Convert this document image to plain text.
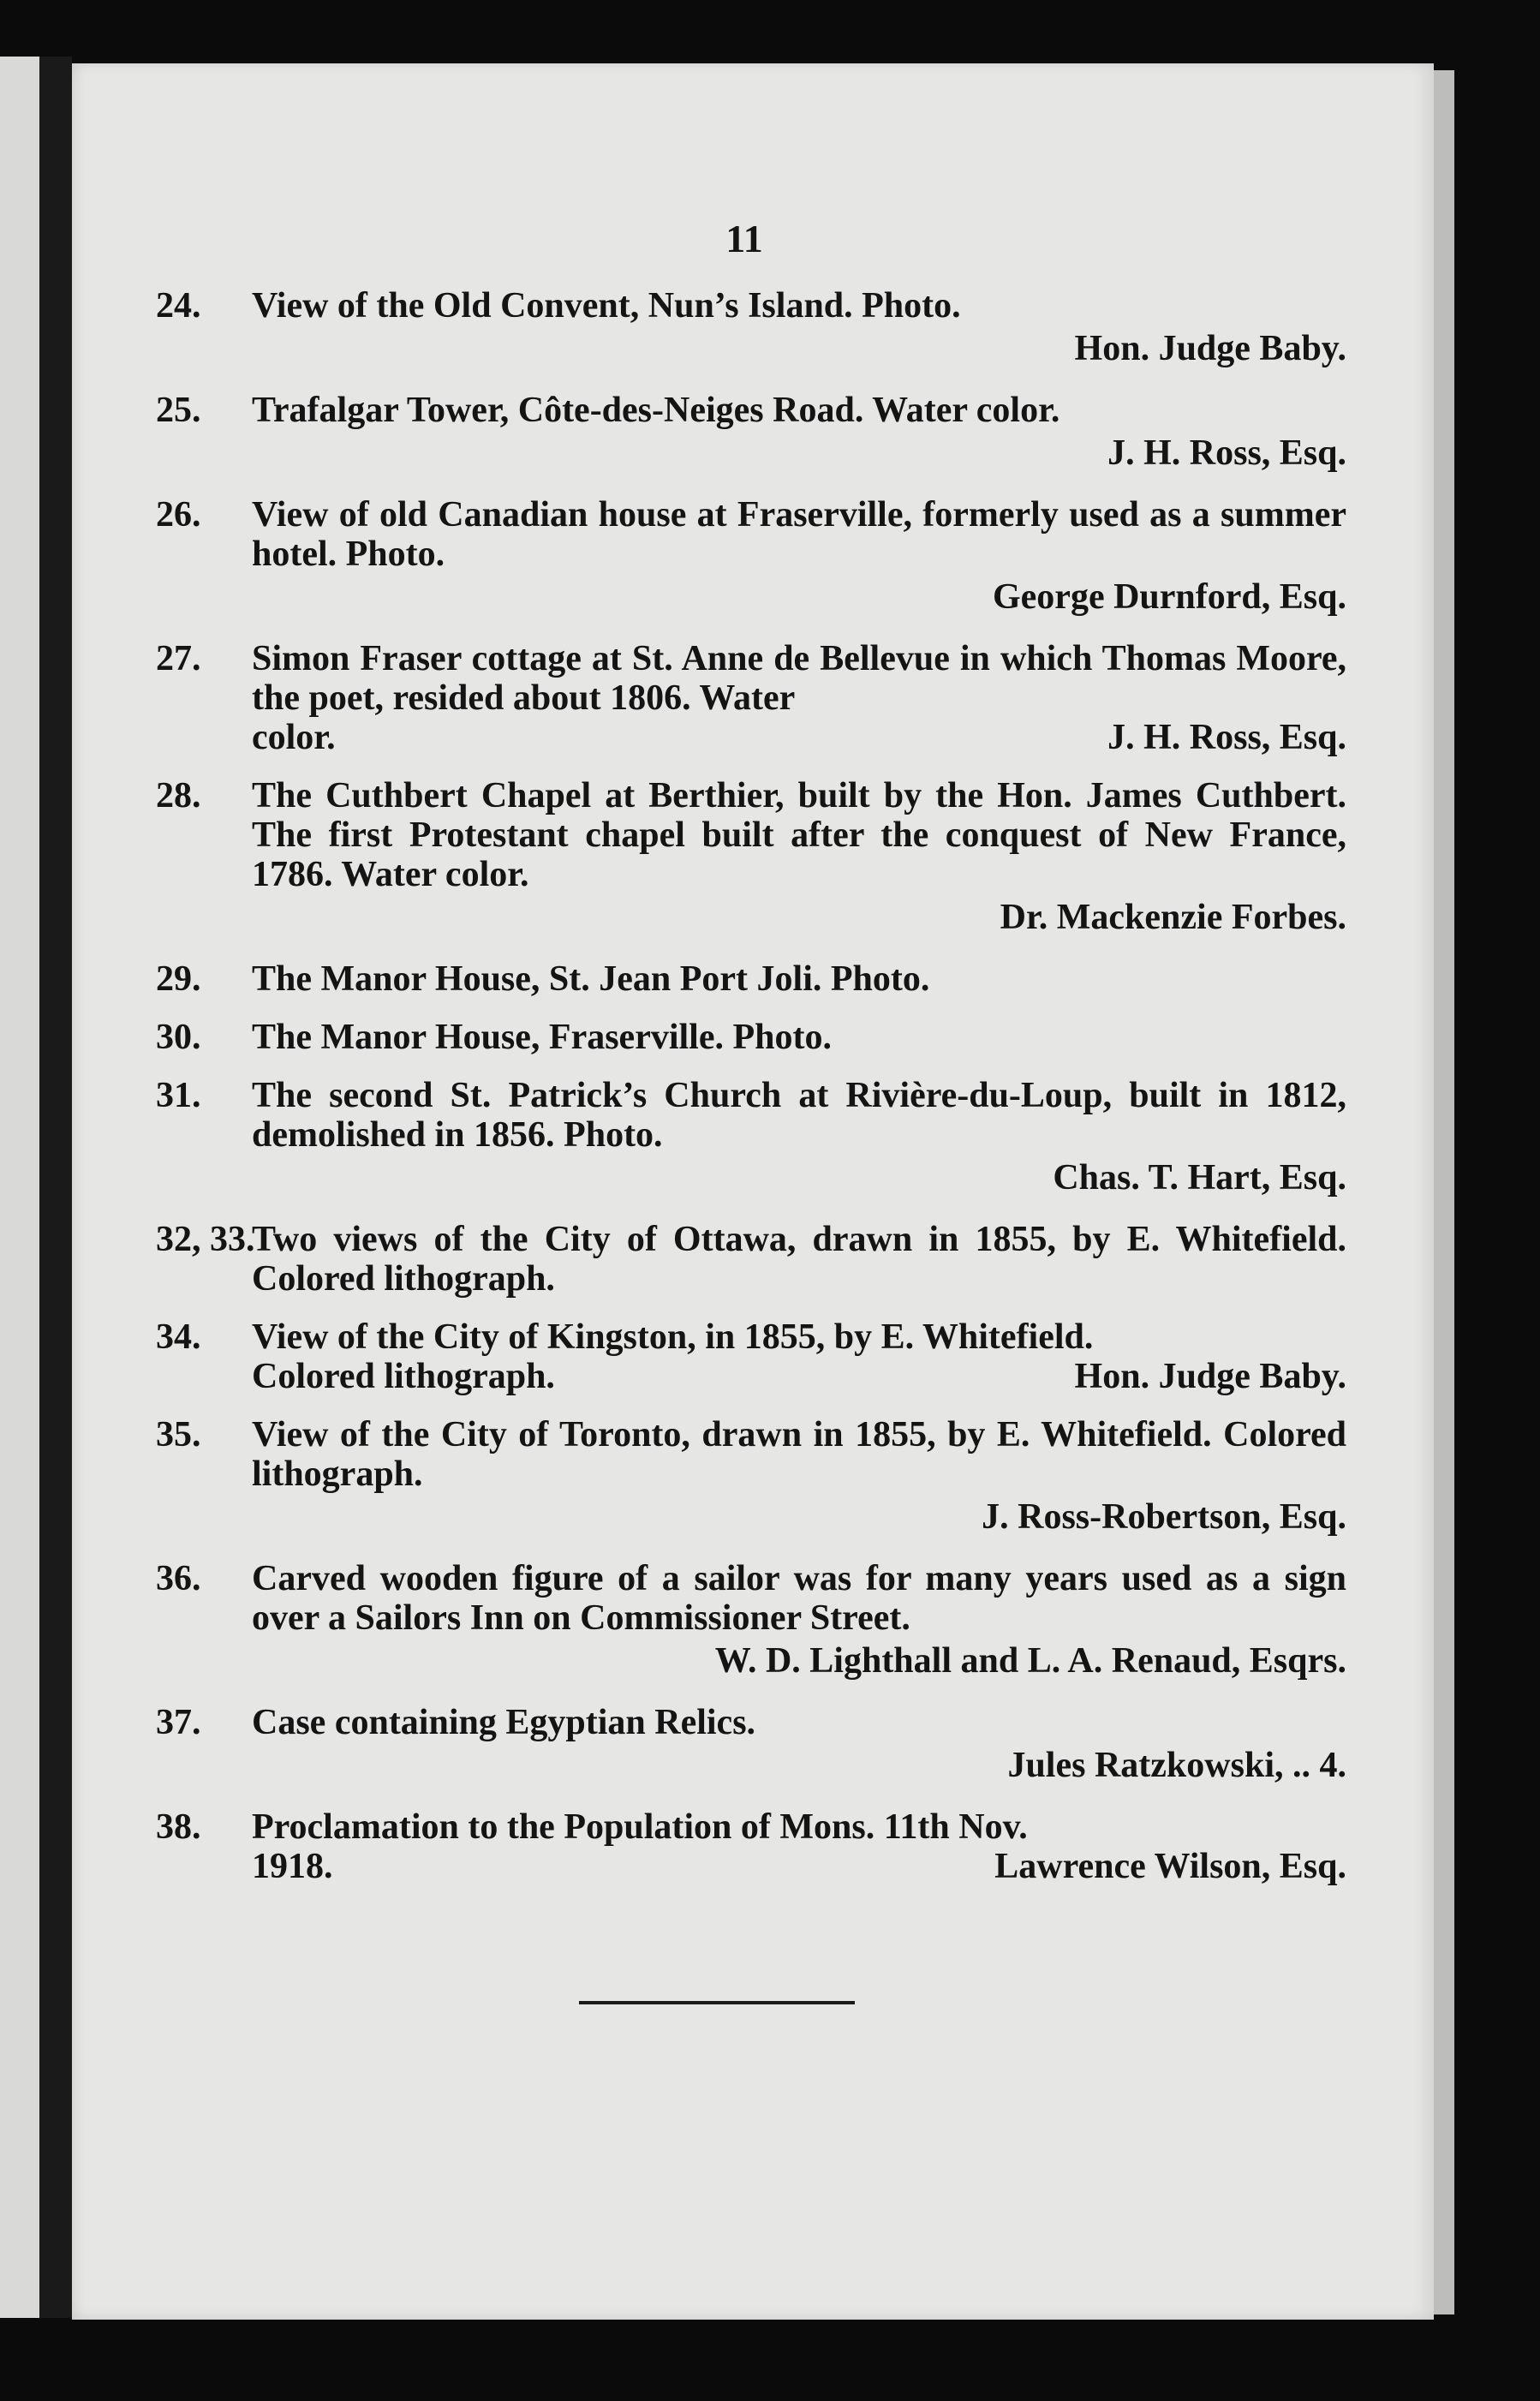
11
24. View of the Old Convent, Nun’s Island. Photo.
Hon. Judge Baby.
25. Trafalgar Tower, Côte-des-Neiges Road. Water color.
J. H. Ross, Esq.
26. View of old Canadian house at Fraserville, formerly used as a summer hotel. Photo.
George Durnford, Esq.
27. Simon Fraser cottage at St. Anne de Bellevue in which Thomas Moore, the poet, resided about 1806. Water
color.	J. H. Ross, Esq.
28. The Cuthbert Chapel at Berthier, built by the Hon. James Cuthbert. The first Protestant chapel built after the conquest of New France, 1786. Water color.
Dr. Mackenzie Forbes.
29. The Manor House, St. Jean Port Joli. Photo.
30. The Manor House, Fraserville. Photo.
31. The second St. Patrick’s Church at Rivière-du-Loup, built in 1812, demolished in 1856. Photo.
Chas. T. Hart, Esq.
32, 33.
Two views of the City of Ottawa, drawn in 1855, by E. Whitefield. Colored lithograph.
34. View of the City of Kingston, in 1855, by E. Whitefield.
Colored lithograph.	Hon. Judge Baby.
35. View of the City of Toronto, drawn in 1855, by E. Whitefield. Colored lithograph.
J. Ross-Robertson, Esq.
36. Carved wooden figure of a sailor was for many years used as a sign over a Sailors Inn on Commissioner Street.
W. D. Lighthall and L. A. Renaud, Esqrs.
37. Case containing Egyptian Relics.
Jules Ratzkowski, .. 4.
38. Proclamation to the Population of Mons. 11th Nov.
1918.	Lawrence Wilson, Esq.
